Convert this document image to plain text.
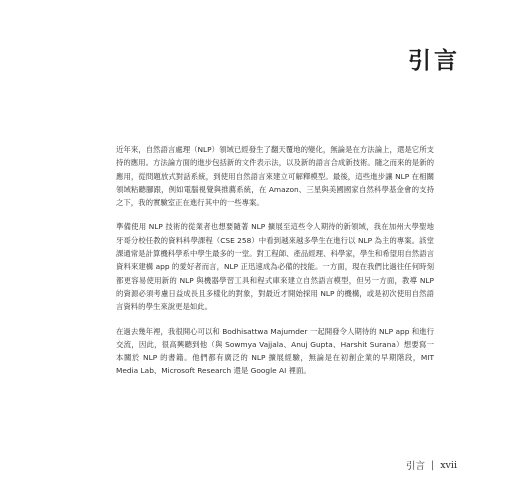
引言

近年來，自然語言處理（NLP）領域已經發生了翻天覆地的變化，無論是在方法論上，還是它所支持的應用。方法論方面的進步包括新的文件表示法，以及新的語言合成新技術。隨之而來的是新的應用，從問題放式對話系統，到使用自然語言來建立可解釋模型。最後，這些進步讓 NLP 在相關領域粘聽腳跟，例如電腦視覺與推薦系統，在 Amazon、三星與美國國家自然科學基金會的支持之下，我的實驗室正在進行其中的一些專案。

準備使用 NLP 技術的從業者也想要隨著 NLP 擴展至這些令人期待的新領域，我在加州大學聖地牙哥分校任教的資料科學課程（CSE 258）中看到越來越多學生在進行以 NLP 為主的專案。該堂課通常是計算機科學系中學生最多的一堂。對工程師、產品經理、科學家，學生和希望用自然語言資料來建構 app 的愛好者而言，NLP 正迅速成為必備的技能。一方面，現在我們比過往任何時刻都更容易使用新的 NLP 與機器學習工具和程式庫來建立自然語言模型，但另一方面，教導 NLP 的資源必須考慮日益成長且多樣化的對象，對最近才開始採用 NLP 的機構，或是初次使用自然語言資料的學生來說更是如此。

在過去幾年裡，我很開心可以和 Bodhisattwa Majumder 一起開發令人期待的 NLP app 和進行交流，因此，很高興聽到他（與 Sowmya Vajjala、Anuj Gupta、Harshit Surana）想要寫一本關於 NLP 的書籍。他們都有廣泛的 NLP 擴展經驗，無論是在初創企業的早期階段，MIT Media Lab、Microsoft Research 還是 Google AI 裡面。

引言 | xvii
